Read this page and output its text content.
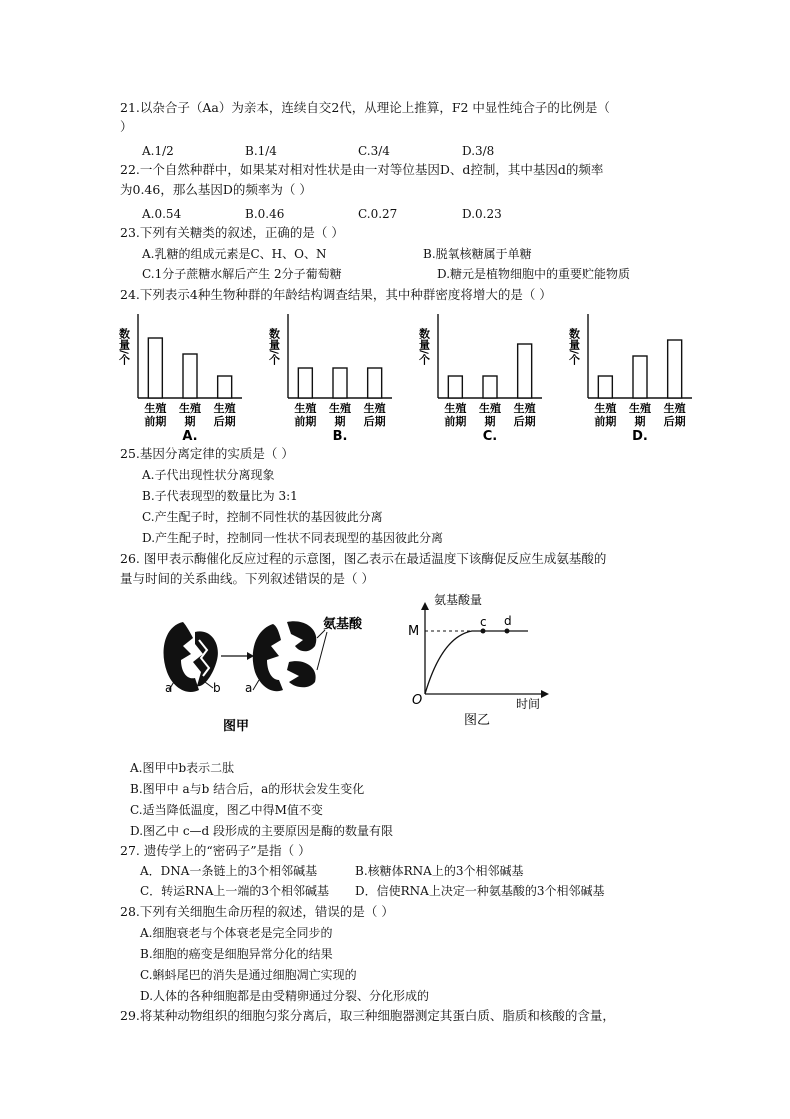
21.以杂合子（Aa）为亲本，连续自交2代，从理论上推算，F2 中显性纯合子的比例是（
）
A.1/2	B.1/4	C.3/4	D.3/8
22.一个自然种群中，如果某对相对性状是由一对等位基因D、d控制，其中基因d的频率
为0.46，那么基因D的频率为（ ）
A.0.54	B.0.46	C.0.27	D.0.23
23.下列有关糖类的叙述，正确的是（ ）
A.乳糖的组成元素是C、H、O、N	B.脱氧核糖属于单糖
C.1分子蔗糖水解后产生 2分子葡萄糖	D.糖元是植物细胞中的重要贮能物质
24.下列表示4种生物种群的年龄结构调查结果，其中种群密度将增大的是（ ）
数量/个
生殖前期
生殖期
生殖后期
A.
数量/个
生殖前期
生殖期
生殖后期
B.
数量/个
生殖前期
生殖期
生殖后期
C.
数量/个
生殖前期
生殖期
生殖后期
D.
25.基因分离定律的实质是（ ）
A.子代出现性状分离现象
B.子代表现型的数量比为 3:1
C.产生配子时，控制不同性状的基因彼此分离
D.产生配子时，控制同一性状不同表现型的基因彼此分离
26. 图甲表示酶催化反应过程的示意图，图乙表示在最适温度下该酶促反应生成氨基酸的
量与时间的关系曲线。下列叙述错误的是（ ）
a	b a
氨基酸
图甲
氨基酸量
M
c d
O	时间
图乙
A.图甲中b表示二肽
B.图甲中 a与b 结合后，a的形状会发生变化
C.适当降低温度，图乙中得M值不变
D.图乙中 c—d 段形成的主要原因是酶的数量有限
27. 遗传学上的“密码子”是指（ ）
A．DNA一条链上的3个相邻碱基	B.核糖体RNA上的3个相邻碱基
C．转运RNA上一端的3个相邻碱基 D．信使RNA上决定一种氨基酸的3个相邻碱基
28.下列有关细胞生命历程的叙述，错误的是（ ）
A.细胞衰老与个体衰老是完全同步的
B.细胞的癌变是细胞异常分化的结果
C.蝌蚪尾巴的消失是通过细胞凋亡实现的
D.人体的各种细胞都是由受精卵通过分裂、分化形成的
29.将某种动物组织的细胞匀浆分离后，取三种细胞器测定其蛋白质、脂质和核酸的含量，
